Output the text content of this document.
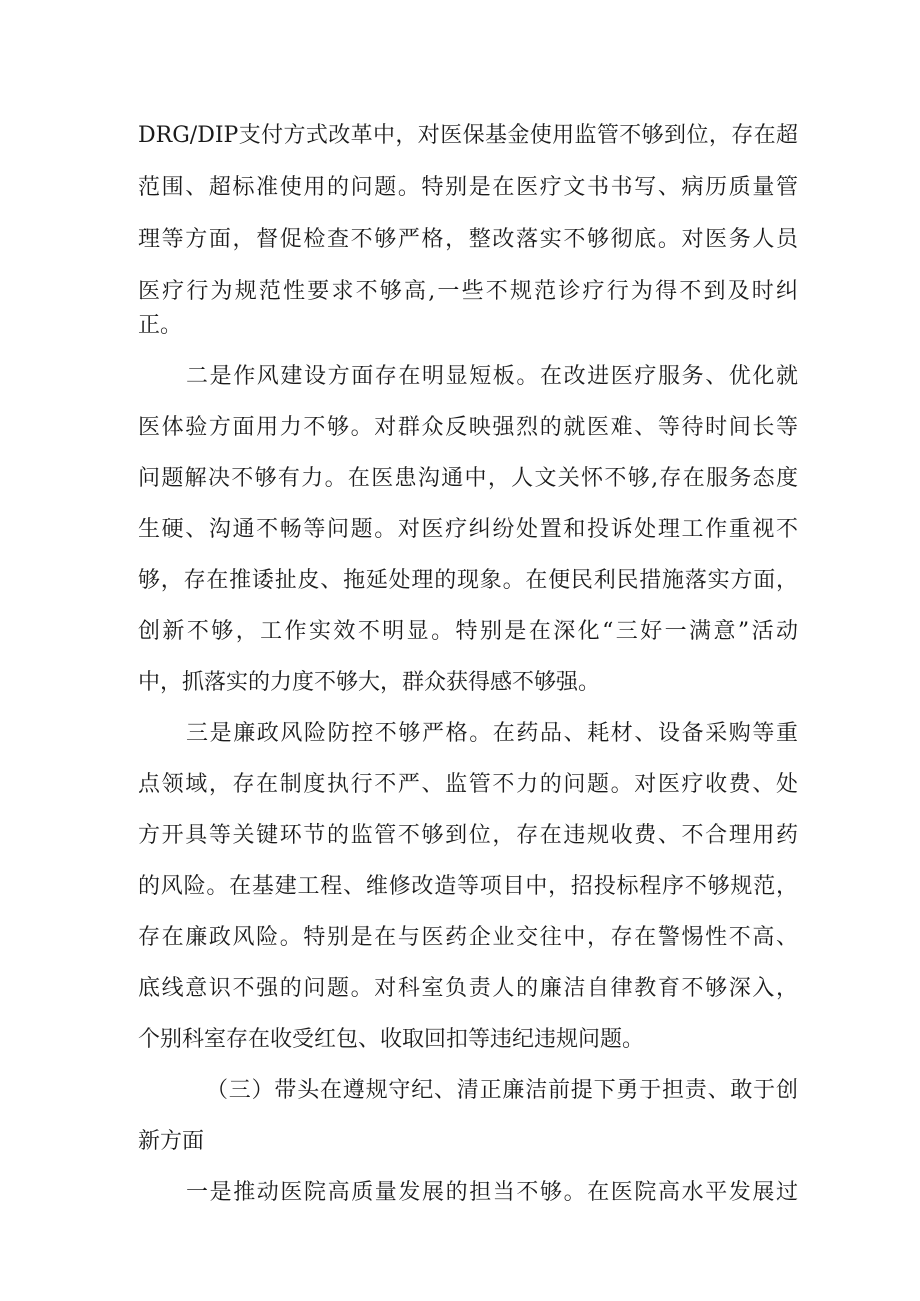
DRG/DIP支付方式改革中，对医保基金使用监管不够到位，存在超
范围、超标准使用的问题。特别是在医疗文书书写、病历质量管
理等方面，督促检查不够严格，整改落实不够彻底。对医务人员
医疗行为规范性要求不够高,一些不规范诊疗行为得不到及时纠
正。
二是作风建设方面存在明显短板。在改进医疗服务、优化就
医体验方面用力不够。对群众反映强烈的就医难、等待时间长等
问题解决不够有力。在医患沟通中，人文关怀不够,存在服务态度
生硬、沟通不畅等问题。对医疗纠纷处置和投诉处理工作重视不
够，存在推诿扯皮、拖延处理的现象。在便民利民措施落实方面，
创新不够，工作实效不明显。特别是在深化“三好一满意”活动
中，抓落实的力度不够大，群众获得感不够强。
三是廉政风险防控不够严格。在药品、耗材、设备采购等重
点领域，存在制度执行不严、监管不力的问题。对医疗收费、处
方开具等关键环节的监管不够到位，存在违规收费、不合理用药
的风险。在基建工程、维修改造等项目中，招投标程序不够规范，
存在廉政风险。特别是在与医药企业交往中，存在警惕性不高、
底线意识不强的问题。对科室负责人的廉洁自律教育不够深入，
个别科室存在收受红包、收取回扣等违纪违规问题。
（三）带头在遵规守纪、清正廉洁前提下勇于担责、敢于创
新方面
一是推动医院高质量发展的担当不够。在医院高水平发展过
